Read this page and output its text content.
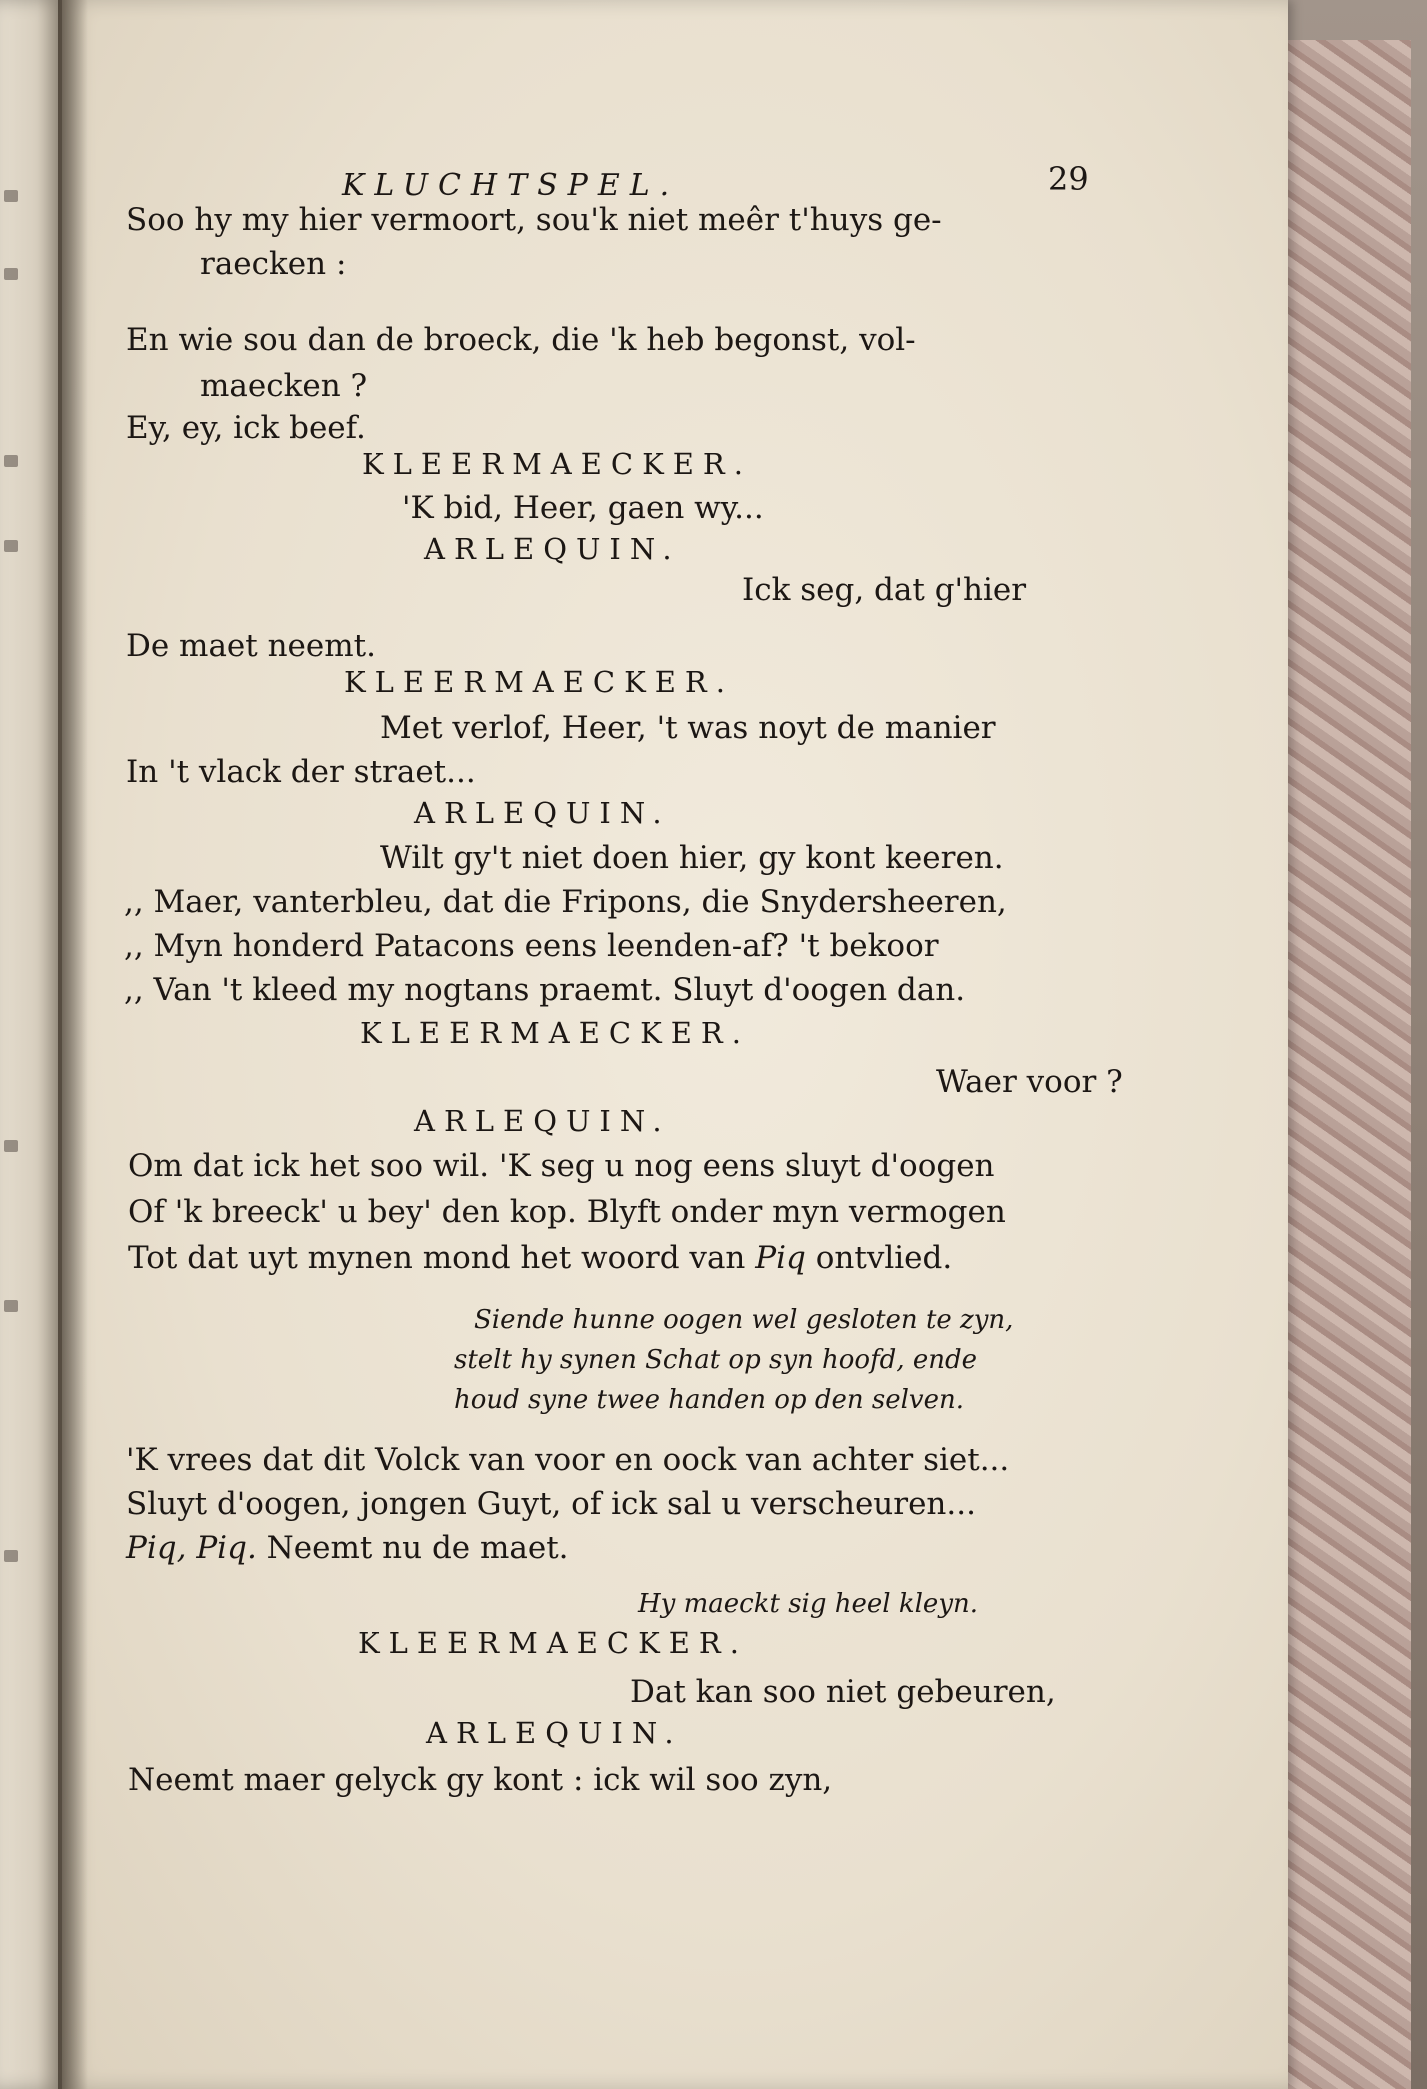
KLUCHTSPEL.	29
Soo hy my hier vermoort, sou'k niet meêr t'huys ge-
raecken :
En wie sou dan de broeck, die 'k heb begonst, vol-
maecken ?
Ey, ey, ick beef.
KLEERMAECKER.
'K bid, Heer, gaen wy...
ARLEQUIN.
Ick seg, dat g'hier
De maet neemt.
KLEERMAECKER.
Met verlof, Heer, 't was noyt de manier
In 't vlack der straet...
ARLEQUIN.
Wilt gy't niet doen hier, gy kont keeren.
,, Maer, vanterbleu, dat die Fripons, die Snydersheeren,
,, Myn honderd Patacons eens leenden-af? 't bekoor
,, Van 't kleed my nogtans praemt. Sluyt d'oogen dan.
KLEERMAECKER.
Waer voor ?
ARLEQUIN.
Om dat ick het soo wil. 'K seg u nog eens sluyt d'oogen
Of 'k breeck' u bey' den kop. Blyft onder myn vermogen
Tot dat uyt mynen mond het woord van Piq ontvlied.
Siende hunne oogen wel gesloten te zyn,
stelt hy synen Schat op syn hoofd, ende
houd syne twee handen op den selven.
'K vrees dat dit Volck van voor en oock van achter siet...
Sluyt d'oogen, jongen Guyt, of ick sal u verscheuren...
Piq, Piq. Neemt nu de maet.
Hy maeckt sig heel kleyn.
KLEERMAECKER.
Dat kan soo niet gebeuren,
ARLEQUIN.
Neemt maer gelyck gy kont : ick wil soo zyn,
